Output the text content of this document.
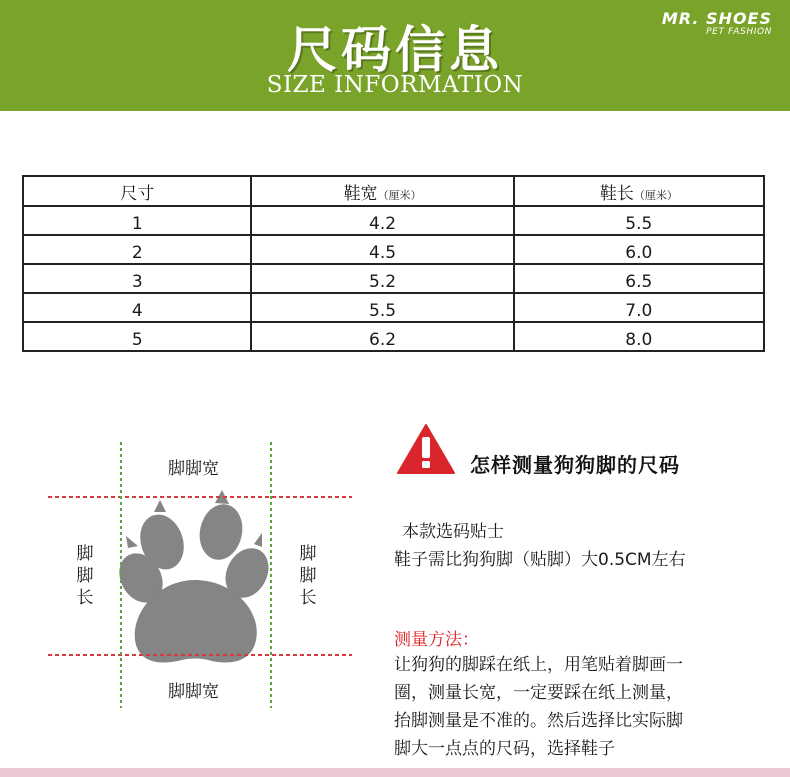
尺码信息
SIZE INFORMATION
MR. SHOES
PET FASHION
尺寸	鞋宽（厘米）	鞋长（厘米）
1	4.2	5.5
2	4.5	6.0
3	5.2	6.5
4	5.5	7.0
5	6.2	8.0
脚脚宽
脚脚宽
脚
脚
长
脚
脚
长
怎样测量狗狗脚的尺码
本款选码贴士
鞋子需比狗狗脚（贴脚）大0.5CM左右
测量方法：
让狗狗的脚踩在纸上，用笔贴着脚画一
圈，测量长宽，一定要踩在纸上测量，
抬脚测量是不准的。然后选择比实际脚
脚大一点点的尺码，选择鞋子
